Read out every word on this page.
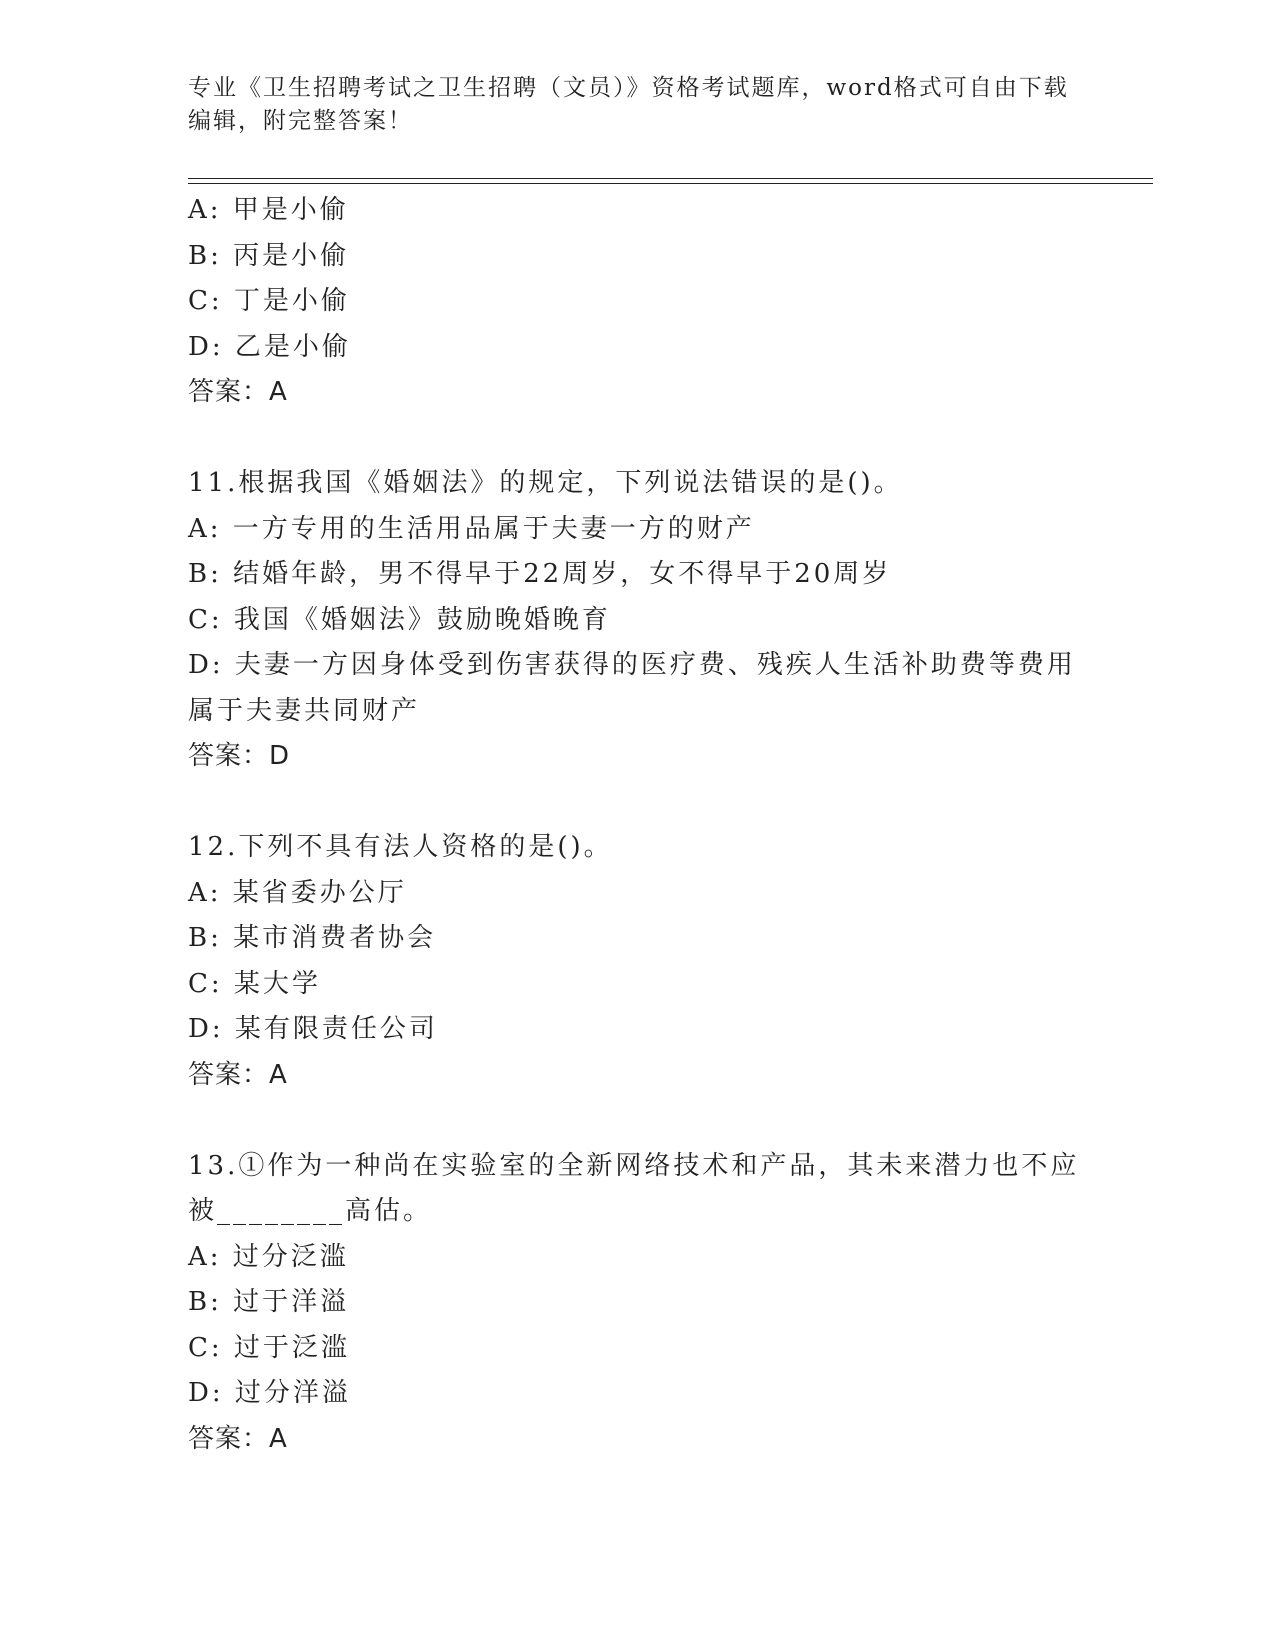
专业《卫生招聘考试之卫生招聘（文员）》资格考试题库，word格式可自由下载编辑，附完整答案！
A: 甲是小偷
B: 丙是小偷
C: 丁是小偷
D: 乙是小偷
答案：A
11.根据我国《婚姻法》的规定，下列说法错误的是()。
A: 一方专用的生活用品属于夫妻一方的财产
B: 结婚年龄，男不得早于22周岁，女不得早于20周岁
C: 我国《婚姻法》鼓励晚婚晚育
D: 夫妻一方因身体受到伤害获得的医疗费、残疾人生活补助费等费用属于夫妻共同财产
答案：D
12.下列不具有法人资格的是()。
A: 某省委办公厅
B: 某市消费者协会
C: 某大学
D: 某有限责任公司
答案：A
13.①作为一种尚在实验室的全新网络技术和产品，其未来潜力也不应被________高估。
A: 过分泛滥
B: 过于洋溢
C: 过于泛滥
D: 过分洋溢
答案：A
